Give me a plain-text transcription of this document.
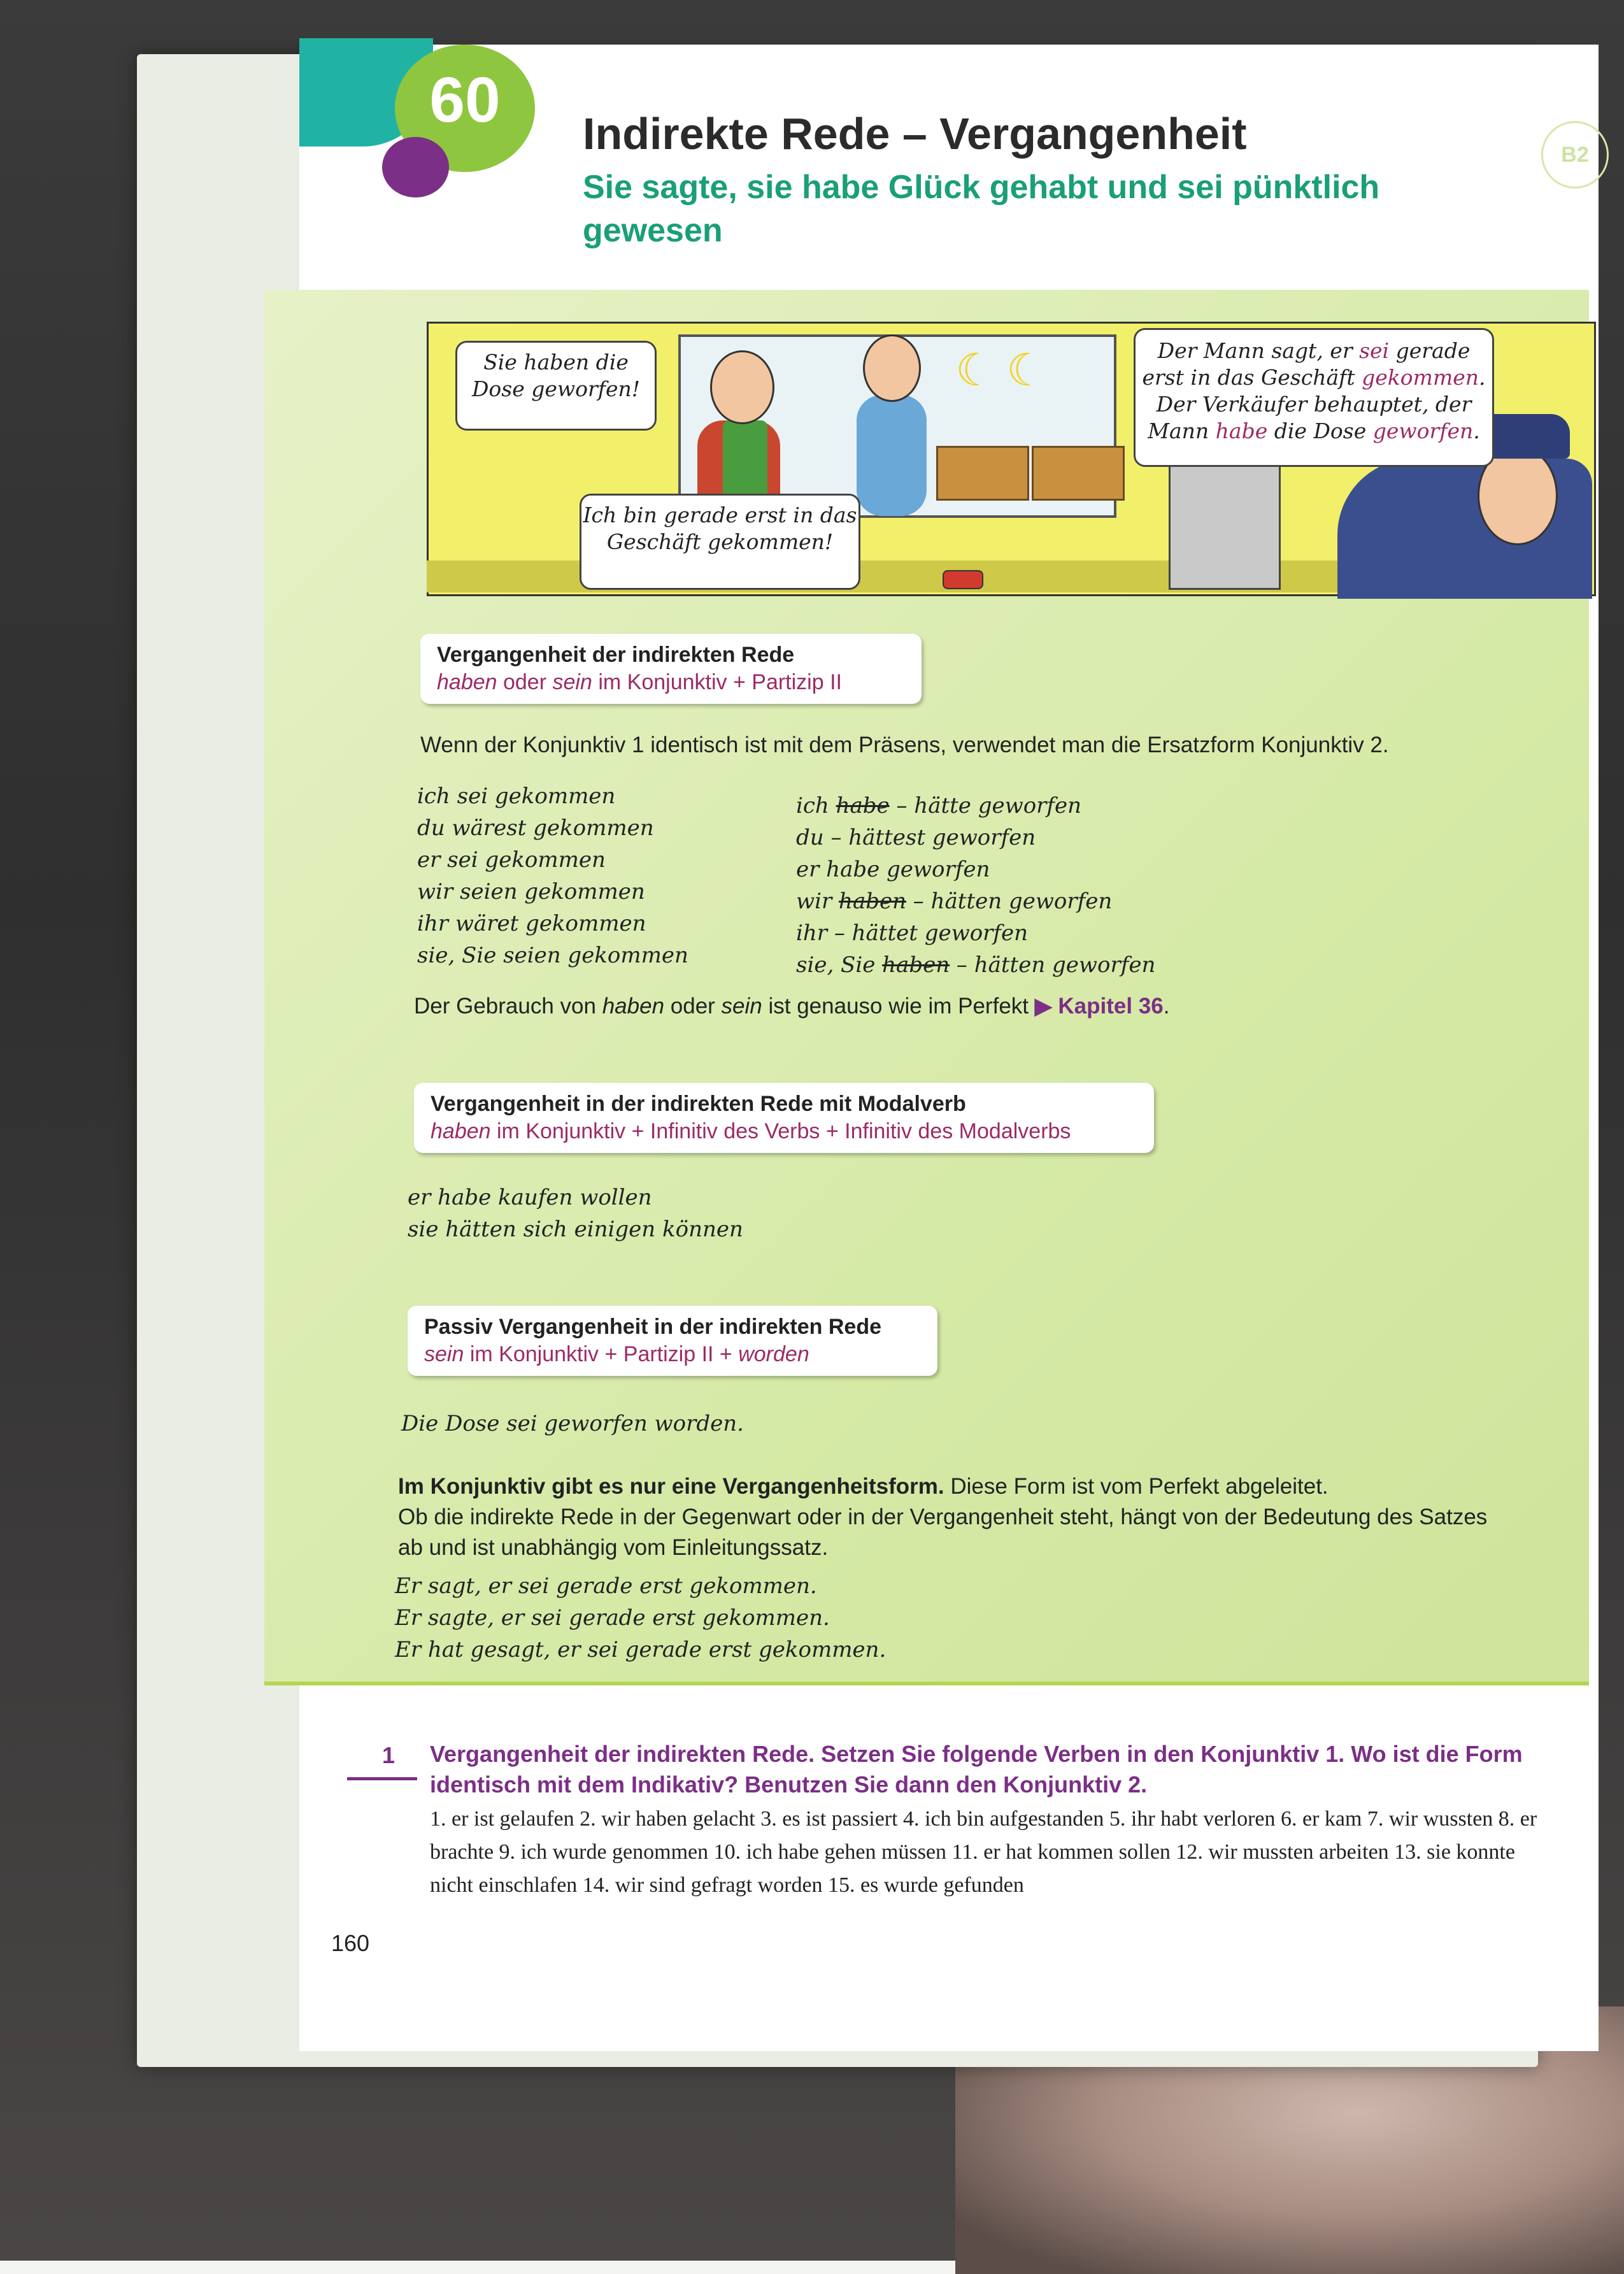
60 Indirekte Rede – Vergangenheit
Sie sagte, sie habe Glück gehabt und sei pünktlich gewesen
B2
☾ ☾
Sie haben die Dose geworfen!
Ich bin gerade erst in das Geschäft gekommen!
Der Mann sagt, er sei gerade erst in das Geschäft gekommen. Der Verkäufer behauptet, der Mann habe die Dose geworfen.
Vergangenheit der indirekten Rede
haben oder sein im Konjunktiv + Partizip II
Wenn der Konjunktiv 1 identisch ist mit dem Präsens, verwendet man die Ersatzform Konjunktiv 2.
ich sei gekommen
du wärest gekommen
er sei gekommen
wir seien gekommen
ihr wäret gekommen
sie, Sie seien gekommen
ich habe – hätte geworfen
du – hättest geworfen
er habe geworfen
wir haben – hätten geworfen
ihr – hättet geworfen
sie, Sie haben – hätten geworfen
Der Gebrauch von haben oder sein ist genauso wie im Perfekt ▶ Kapitel 36.
Vergangenheit in der indirekten Rede mit Modalverb
haben im Konjunktiv + Infinitiv des Verbs + Infinitiv des Modalverbs
er habe kaufen wollen
sie hätten sich einigen können
Passiv Vergangenheit in der indirekten Rede
sein im Konjunktiv + Partizip II + worden
Die Dose sei geworfen worden.
Im Konjunktiv gibt es nur eine Vergangenheitsform. Diese Form ist vom Perfekt abgeleitet.
Ob die indirekte Rede in der Gegenwart oder in der Vergangenheit steht, hängt von der Bedeutung des Satzes
ab und ist unabhängig vom Einleitungssatz.
Er sagt, er sei gerade erst gekommen.
Er sagte, er sei gerade erst gekommen.
Er hat gesagt, er sei gerade erst gekommen.
1	Vergangenheit der indirekten Rede. Setzen Sie folgende Verben in den Konjunktiv 1. Wo ist die Form identisch mit dem Indikativ? Benutzen Sie dann den Konjunktiv 2.
1. er ist gelaufen 2. wir haben gelacht 3. es ist passiert 4. ich bin aufgestanden 5. ihr habt verloren 6. er kam 7. wir wussten 8. er brachte 9. ich wurde genommen 10. ich habe gehen müssen 11. er hat kommen sollen 12. wir mussten arbeiten 13. sie konnte nicht einschlafen 14. wir sind gefragt worden 15. es wurde gefunden
160
